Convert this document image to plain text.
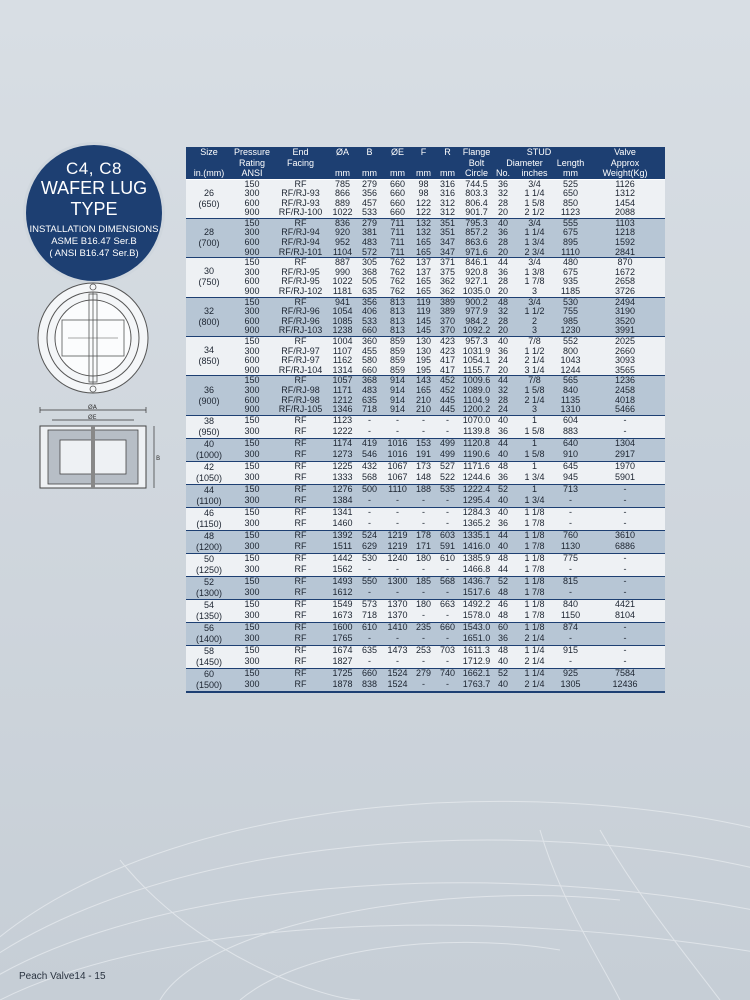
C4, C8
WAFER LUG
TYPE
INSTALLATION DIMENSIONS
ASME B16.47 Ser.B
( ANSI B16.47 Ser.B)
ØA
ØE
B
Size	Pressure	End	ØA	B	ØE	F	R	Flange	STUD			Valve
	Rating	Facing						Bolt	Diameter		Length	Approx
in.(mm)	ANSI		mm	mm	mm	mm	mm	Circle	No.	inches	mm	Weight(Kg)

26
(650)	150	RF	785	279	660	98	316	744.5	36	3/4	525	1126
	300	RF/RJ-93	866	356	660	98	316	803.3	32	1 1/4	650	1312
	600	RF/RJ-93	889	457	660	122	312	806.4	28	1 5/8	850	1454
	900	RF/RJ-100	1022	533	660	122	312	901.7	20	2 1/2	1123	2088

28
(700)	150	RF	836	279	711	132	351	795.3	40	3/4	555	1103
	300	RF/RJ-94	920	381	711	132	351	857.2	36	1 1/4	675	1218
	600	RF/RJ-94	952	483	711	165	347	863.6	28	1 3/4	895	1592
	900	RF/RJ-101	1104	572	711	165	347	971.6	20	2 3/4	1110	2841

30
(750)	150	RF	887	305	762	137	371	846.1	44	3/4	480	870
	300	RF/RJ-95	990	368	762	137	375	920.8	36	1 3/8	675	1672
	600	RF/RJ-95	1022	505	762	165	362	927.1	28	1 7/8	935	2658
	900	RF/RJ-102	1181	635	762	165	362	1035.0	20	3	1185	3726

32
(800)	150	RF	941	356	813	119	389	900.2	48	3/4	530	2494
	300	RF/RJ-96	1054	406	813	119	389	977.9	32	1 1/2	755	3190
	600	RF/RJ-96	1085	533	813	145	370	984.2	28	2	985	3520
	900	RF/RJ-103	1238	660	813	145	370	1092.2	20	3	1230	3991

34
(850)	150	RF	1004	360	859	130	423	957.3	40	7/8	552	2025
	300	RF/RJ-97	1107	455	859	130	423	1031.9	36	1 1/2	800	2660
	600	RF/RJ-97	1162	580	859	195	417	1054.1	24	2 1/4	1043	3093
	900	RF/RJ-104	1314	660	859	195	417	1155.7	20	3 1/4	1244	3565

36
(900)	150	RF	1057	368	914	143	452	1009.6	44	7/8	565	1236
	300	RF/RJ-98	1171	483	914	165	452	1089.0	32	1 5/8	840	2458
	600	RF/RJ-98	1212	635	914	210	445	1104.9	28	2 1/4	1135	4018
	900	RF/RJ-105	1346	718	914	210	445	1200.2	24	3	1310	5466

38
(950)	150	RF	1123	-	-	-	-	1070.0	40	1	604	-
	300	RF	1222	-	-	-	-	1139.8	36	1 5/8	883	-

40
(1000)	150	RF	1174	419	1016	153	499	1120.8	44	1	640	1304
	300	RF	1273	546	1016	191	499	1190.6	40	1 5/8	910	2917

42
(1050)	150	RF	1225	432	1067	173	527	1171.6	48	1	645	1970
	300	RF	1333	568	1067	148	522	1244.6	36	1 3/4	945	5901

44
(1100)	150	RF	1276	500	1110	188	535	1222.4	52	1	713	-
	300	RF	1384	-	-	-	-	1295.4	40	1 3/4	-	-

46
(1150)	150	RF	1341	-	-	-	-	1284.3	40	1 1/8	-	-
	300	RF	1460	-	-	-	-	1365.2	36	1 7/8	-	-

48
(1200)	150	RF	1392	524	1219	178	603	1335.1	44	1 1/8	760	3610
	300	RF	1511	629	1219	171	591	1416.0	40	1 7/8	1130	6886

50
(1250)	150	RF	1442	530	1240	180	610	1385.9	48	1 1/8	775	-
	300	RF	1562	-	-	-	-	1466.8	44	1 7/8	-	-

52
(1300)	150	RF	1493	550	1300	185	568	1436.7	52	1 1/8	815	-
	300	RF	1612	-	-	-	-	1517.6	48	1 7/8	-	-

54
(1350)	150	RF	1549	573	1370	180	663	1492.2	46	1 1/8	840	4421
	300	RF	1673	718	1370	-	-	1578.0	48	1 7/8	1150	8104

56
(1400)	150	RF	1600	610	1410	235	660	1543.0	60	1 1/8	874	-
	300	RF	1765	-	-	-	-	1651.0	36	2 1/4	-	-

58
(1450)	150	RF	1674	635	1473	253	703	1611.3	48	1 1/4	915	-
	300	RF	1827	-	-	-	-	1712.9	40	2 1/4	-	-

60
(1500)	150	RF	1725	660	1524	279	740	1662.1	52	1 1/4	925	7584
	300	RF	1878	838	1524	-	-	1763.7	40	2 1/4	1305	12436

Peach Valve14 - 15
